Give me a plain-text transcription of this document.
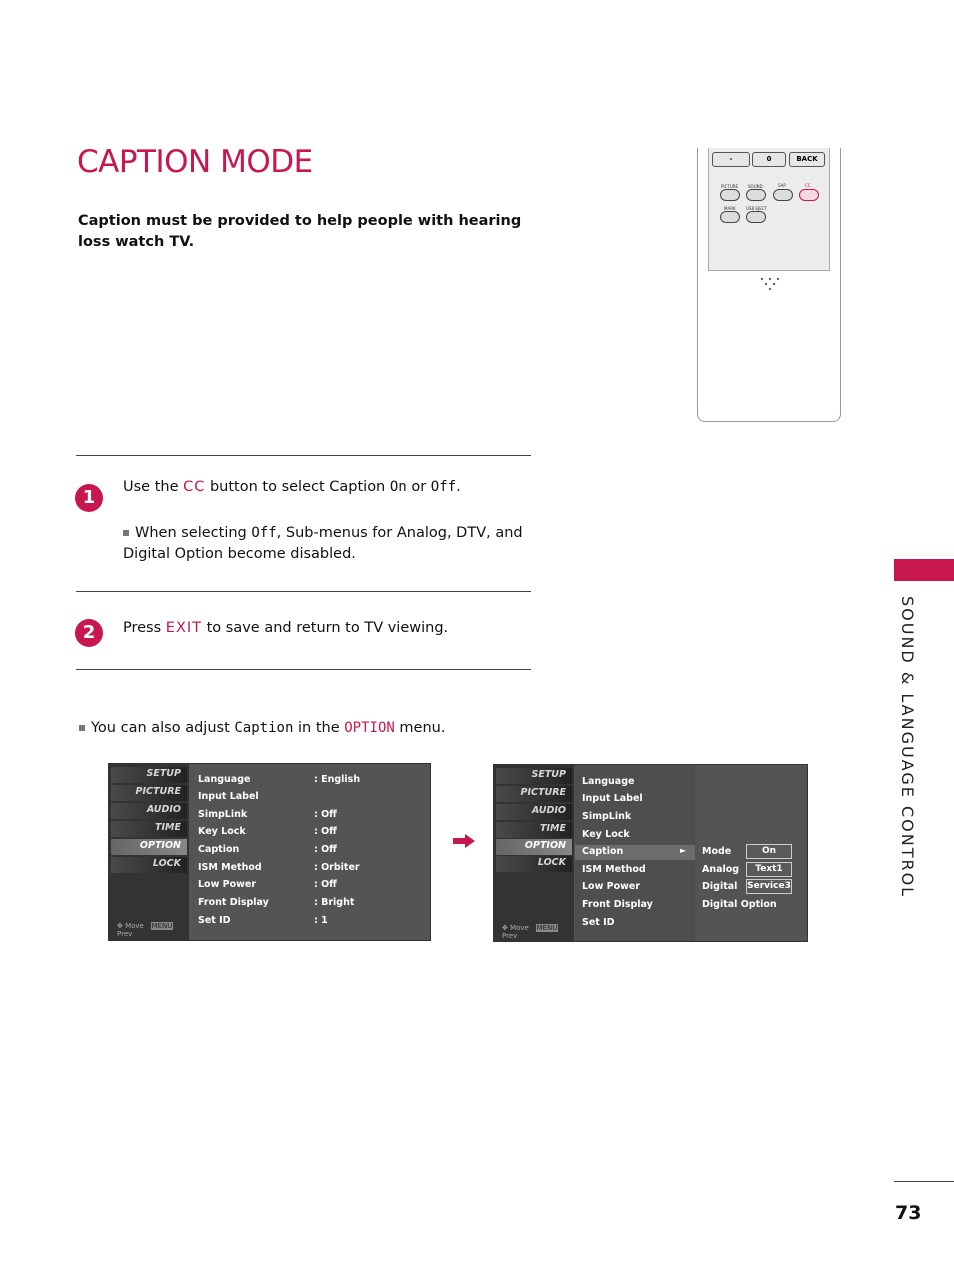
CAPTION MODE
Caption must be provided to help people with hearing loss watch TV.
-	0	BACK
PICTURE SOUND	SAP	CC
MARK	USB EJECT
1	Use the CC button to select Caption On or Off.
When selecting Off, Sub-menus for Analog, DTV, and Digital Option become disabled.
2	Press EXIT to save and return to TV viewing.
You can also adjust Caption in the OPTION menu.
SETUP
PICTURE
AUDIO
TIME
OPTION
LOCK
✥ Move MENU Prev
Language	: English
Input Label
SimpLink	: Off
Key Lock	: Off
Caption	: Off
ISM Method	: Orbiter
Low Power	: Off
Front Display	: Bright
Set ID	: 1
SETUP
PICTURE
AUDIO
TIME
OPTION
LOCK
✥ Move MENU Prev
Language
Input Label
SimpLink
Key Lock
Caption	►
ISM Method
Low Power
Front Display
Set ID
Mode	On
Analog	Text1
Digital Service3
Digital Option
SOUND & LANGUAGE CONTROL
73
